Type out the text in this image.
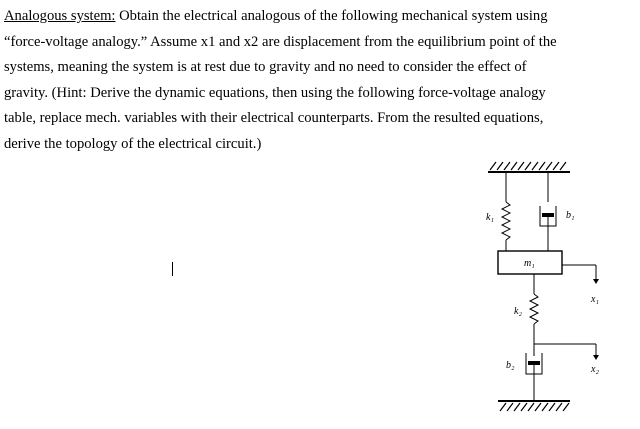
Analogous system: Obtain the electrical analogous of the following mechanical system using
“force-voltage analogy.” Assume x1 and x2 are displacement from the equilibrium point of the
systems, meaning the system is at rest due to gravity and no need to consider the effect of
gravity. (Hint: Derive the dynamic equations, then using the following force-voltage analogy
table, replace mech. variables with their electrical counterparts. From the resulted equations,
derive the topology of the electrical circuit.)
k₁	b₁
m₁
x₁
k₂
x₂
b₂
